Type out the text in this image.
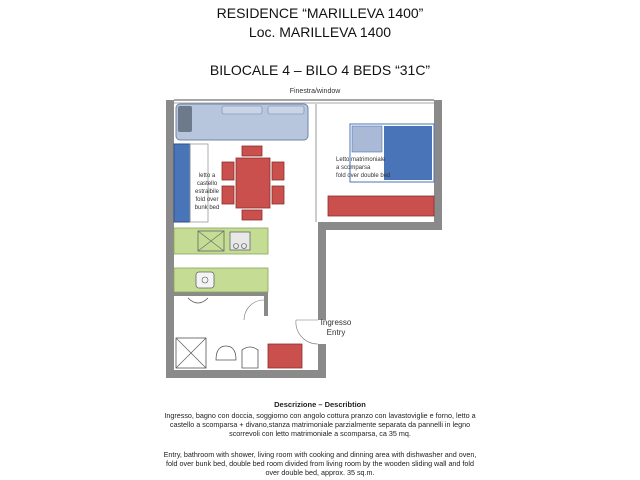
RESIDENCE “MARILLEVA 1400”
Loc. MARILLEVA 1400
BILOCALE 4 – BILO 4 BEDS “31C”
Finestra/window
letto a
castello
estraibile
fold over
bunk bed
Letto matrimoniale
a scomparsa
fold over double bed
Ingresso
Entry
Descrizione – Describtion
Ingresso, bagno con doccia, soggiorno con angolo cottura pranzo con lavastoviglie e forno, letto a castello a scomparsa + divano,stanza matrimoniale parzialmente separata da pannelli in legno scorrevoli con letto matrimoniale a scomparsa, ca 35 mq.
Entry, bathroom with shower, living room with cooking and dinning area with dishwasher and oven, fold over bunk bed, double bed room divided from living room by the wooden sliding wall and fold over double bed, approx. 35 sq.m.
